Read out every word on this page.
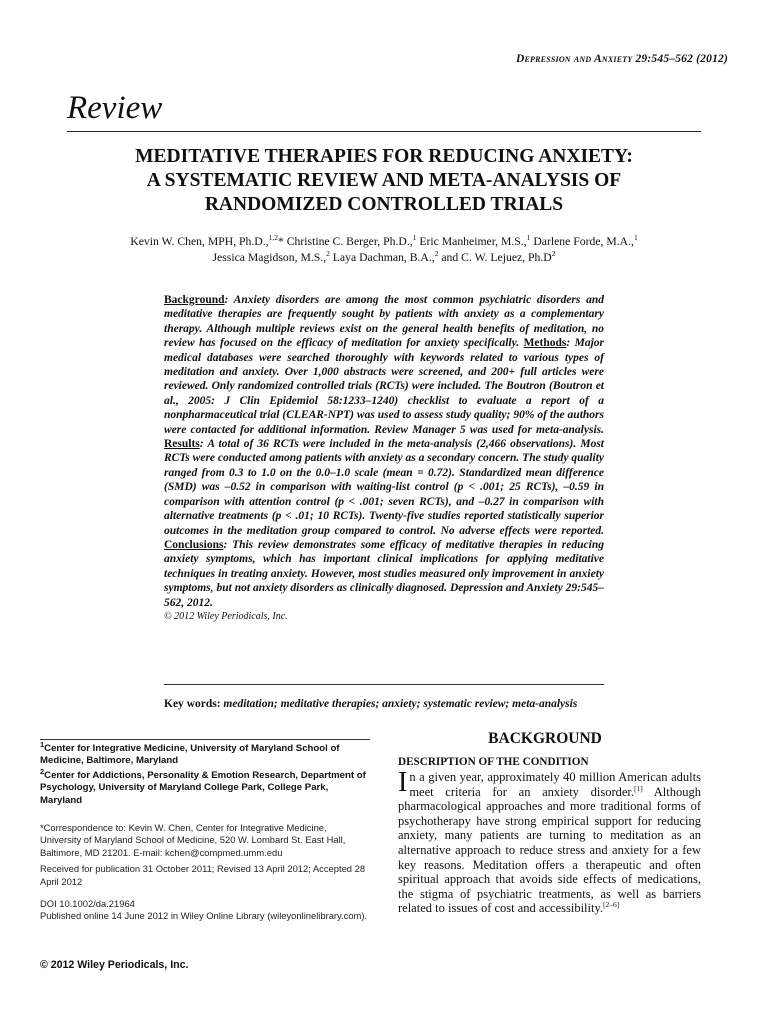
Depression and Anxiety 29:545–562 (2012)
Review
MEDITATIVE THERAPIES FOR REDUCING ANXIETY:
A SYSTEMATIC REVIEW AND META-ANALYSIS OF
RANDOMIZED CONTROLLED TRIALS
Kevin W. Chen, MPH, Ph.D.,$^{1,2}$* Christine C. Berger, Ph.D.,$^1$ Eric Manheimer, M.S.,$^1$ Darlene Forde, M.A.,$^1$
Jessica Magidson, M.S.,$^2$ Laya Dachman, B.A.,$^2$ and C. W. Lejuez, $Ph.D^2$
Background: Anxiety disorders are among the most common psychiatric disorders and meditative therapies are frequently sought by patients with anxiety as a complementary therapy. Although multiple reviews exist on the general health benefits of meditation, no review has focused on the efficacy of meditation for anxiety specifically. Methods: Major medical databases were searched thoroughly with keywords related to various types of meditation and anxiety. Over 1,000 abstracts were screened, and 200+ full articles were reviewed. Only randomized controlled trials (RCTs) were included. The Boutron (Boutron et al., 2005: J Clin Epidemiol 58:1233–1240) checklist to evaluate a report of a nonpharmaceutical trial (CLEAR-NPT) was used to assess study quality; 90% of the authors were contacted for additional information. Review Manager 5 was used for meta-analysis. Results: A total of 36 RCTs were included in the meta-analysis (2,466 observations). Most RCTs were conducted among patients with anxiety as a secondary concern. The study quality ranged from 0.3 to 1.0 on the 0.0–1.0 scale (mean = 0.72). Standardized mean difference (SMD) was –0.52 in comparison with waiting-list control (p < .001; 25 RCTs), –0.59 in comparison with attention control (p < .001; seven RCTs), and –0.27 in comparison with alternative treatments (p < .01; 10 RCTs). Twenty-five studies reported statistically superior outcomes in the meditation group compared to control. No adverse effects were reported. Conclusions: This review demonstrates some efficacy of meditative therapies in reducing anxiety symptoms, which has important clinical implications for applying meditative techniques in treating anxiety. However, most studies measured only improvement in anxiety symptoms, but not anxiety disorders as clinically diagnosed. Depression and Anxiety 29:545–562, 2012.
© 2012 Wiley Periodicals, Inc.
Key words: meditation; meditative therapies; anxiety; systematic review; meta-analysis

$^1$Center for Integrative Medicine, University of Maryland School of Medicine, Baltimore, Maryland

$^2$Center for Addictions, Personality & Emotion Research, Department of Psychology, University of Maryland College Park, College Park, Maryland

*Correspondence to: Kevin W. Chen, Center for Integrative Medicine, University of Maryland School of Medicine, 520 W. Lombard St. East Hall, Baltimore, MD 21201. E-mail: kchen@compmed.umm.edu

Received for publication 31 October 2011; Revised 13 April 2012; Accepted 28 April 2012

DOI 10.1002/da.21964
Published online 14 June 2012 in Wiley Online Library (wileyonlinelibrary.com).
© 2012 Wiley Periodicals, Inc.
BACKGROUND
DESCRIPTION OF THE CONDITION
In a given year, approximately 40 million American adults meet criteria for an anxiety disorder.[1] Although pharmacological approaches and more traditional forms of psychotherapy have strong empirical support for reducing anxiety, many patients are turning to meditation as an alternative approach to reduce stress and anxiety for a few key reasons. Meditation offers a therapeutic and often spiritual approach that avoids side effects of medications, the stigma of psychiatric treatments, as well as barriers related to issues of cost and accessibility.[2–6]
